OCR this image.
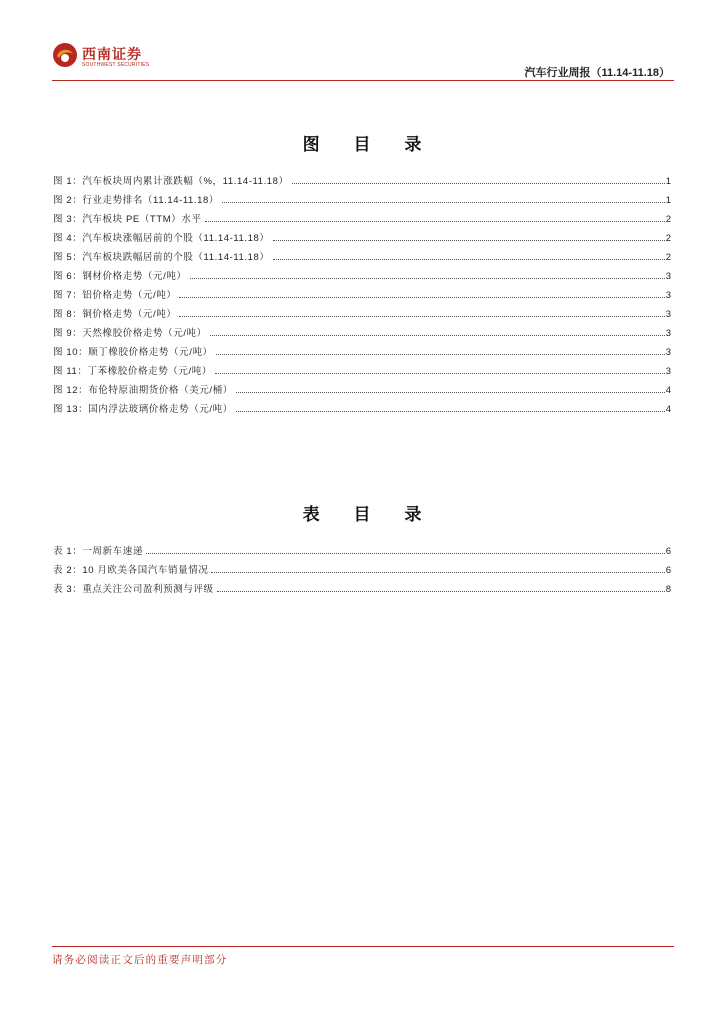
西南证券
SOUTHWEST SECURITIES
汽车行业周报（11.14-11.18）
图 目 录
图 1：汽车板块周内累计涨跌幅（%，11.14-11.18）	1
图 2：行业走势排名（11.14-11.18）	1
图 3：汽车板块 PE（TTM）水平	2
图 4：汽车板块涨幅居前的个股（11.14-11.18）	2
图 5：汽车板块跌幅居前的个股（11.14-11.18）	2
图 6：钢材价格走势（元/吨）	3
图 7：铝价格走势（元/吨）	3
图 8：铜价格走势（元/吨）	3
图 9：天然橡胶价格走势（元/吨）	3
图 10：顺丁橡胶价格走势（元/吨）	3
图 11：丁苯橡胶价格走势（元/吨）	3
图 12：布伦特原油期货价格（美元/桶）	4
图 13：国内浮法玻璃价格走势（元/吨）	4
表 目 录
表 1：一周新车速递	6
表 2：10 月欧美各国汽车销量情况	6
表 3：重点关注公司盈利预测与评级	8
请务必阅读正文后的重要声明部分
